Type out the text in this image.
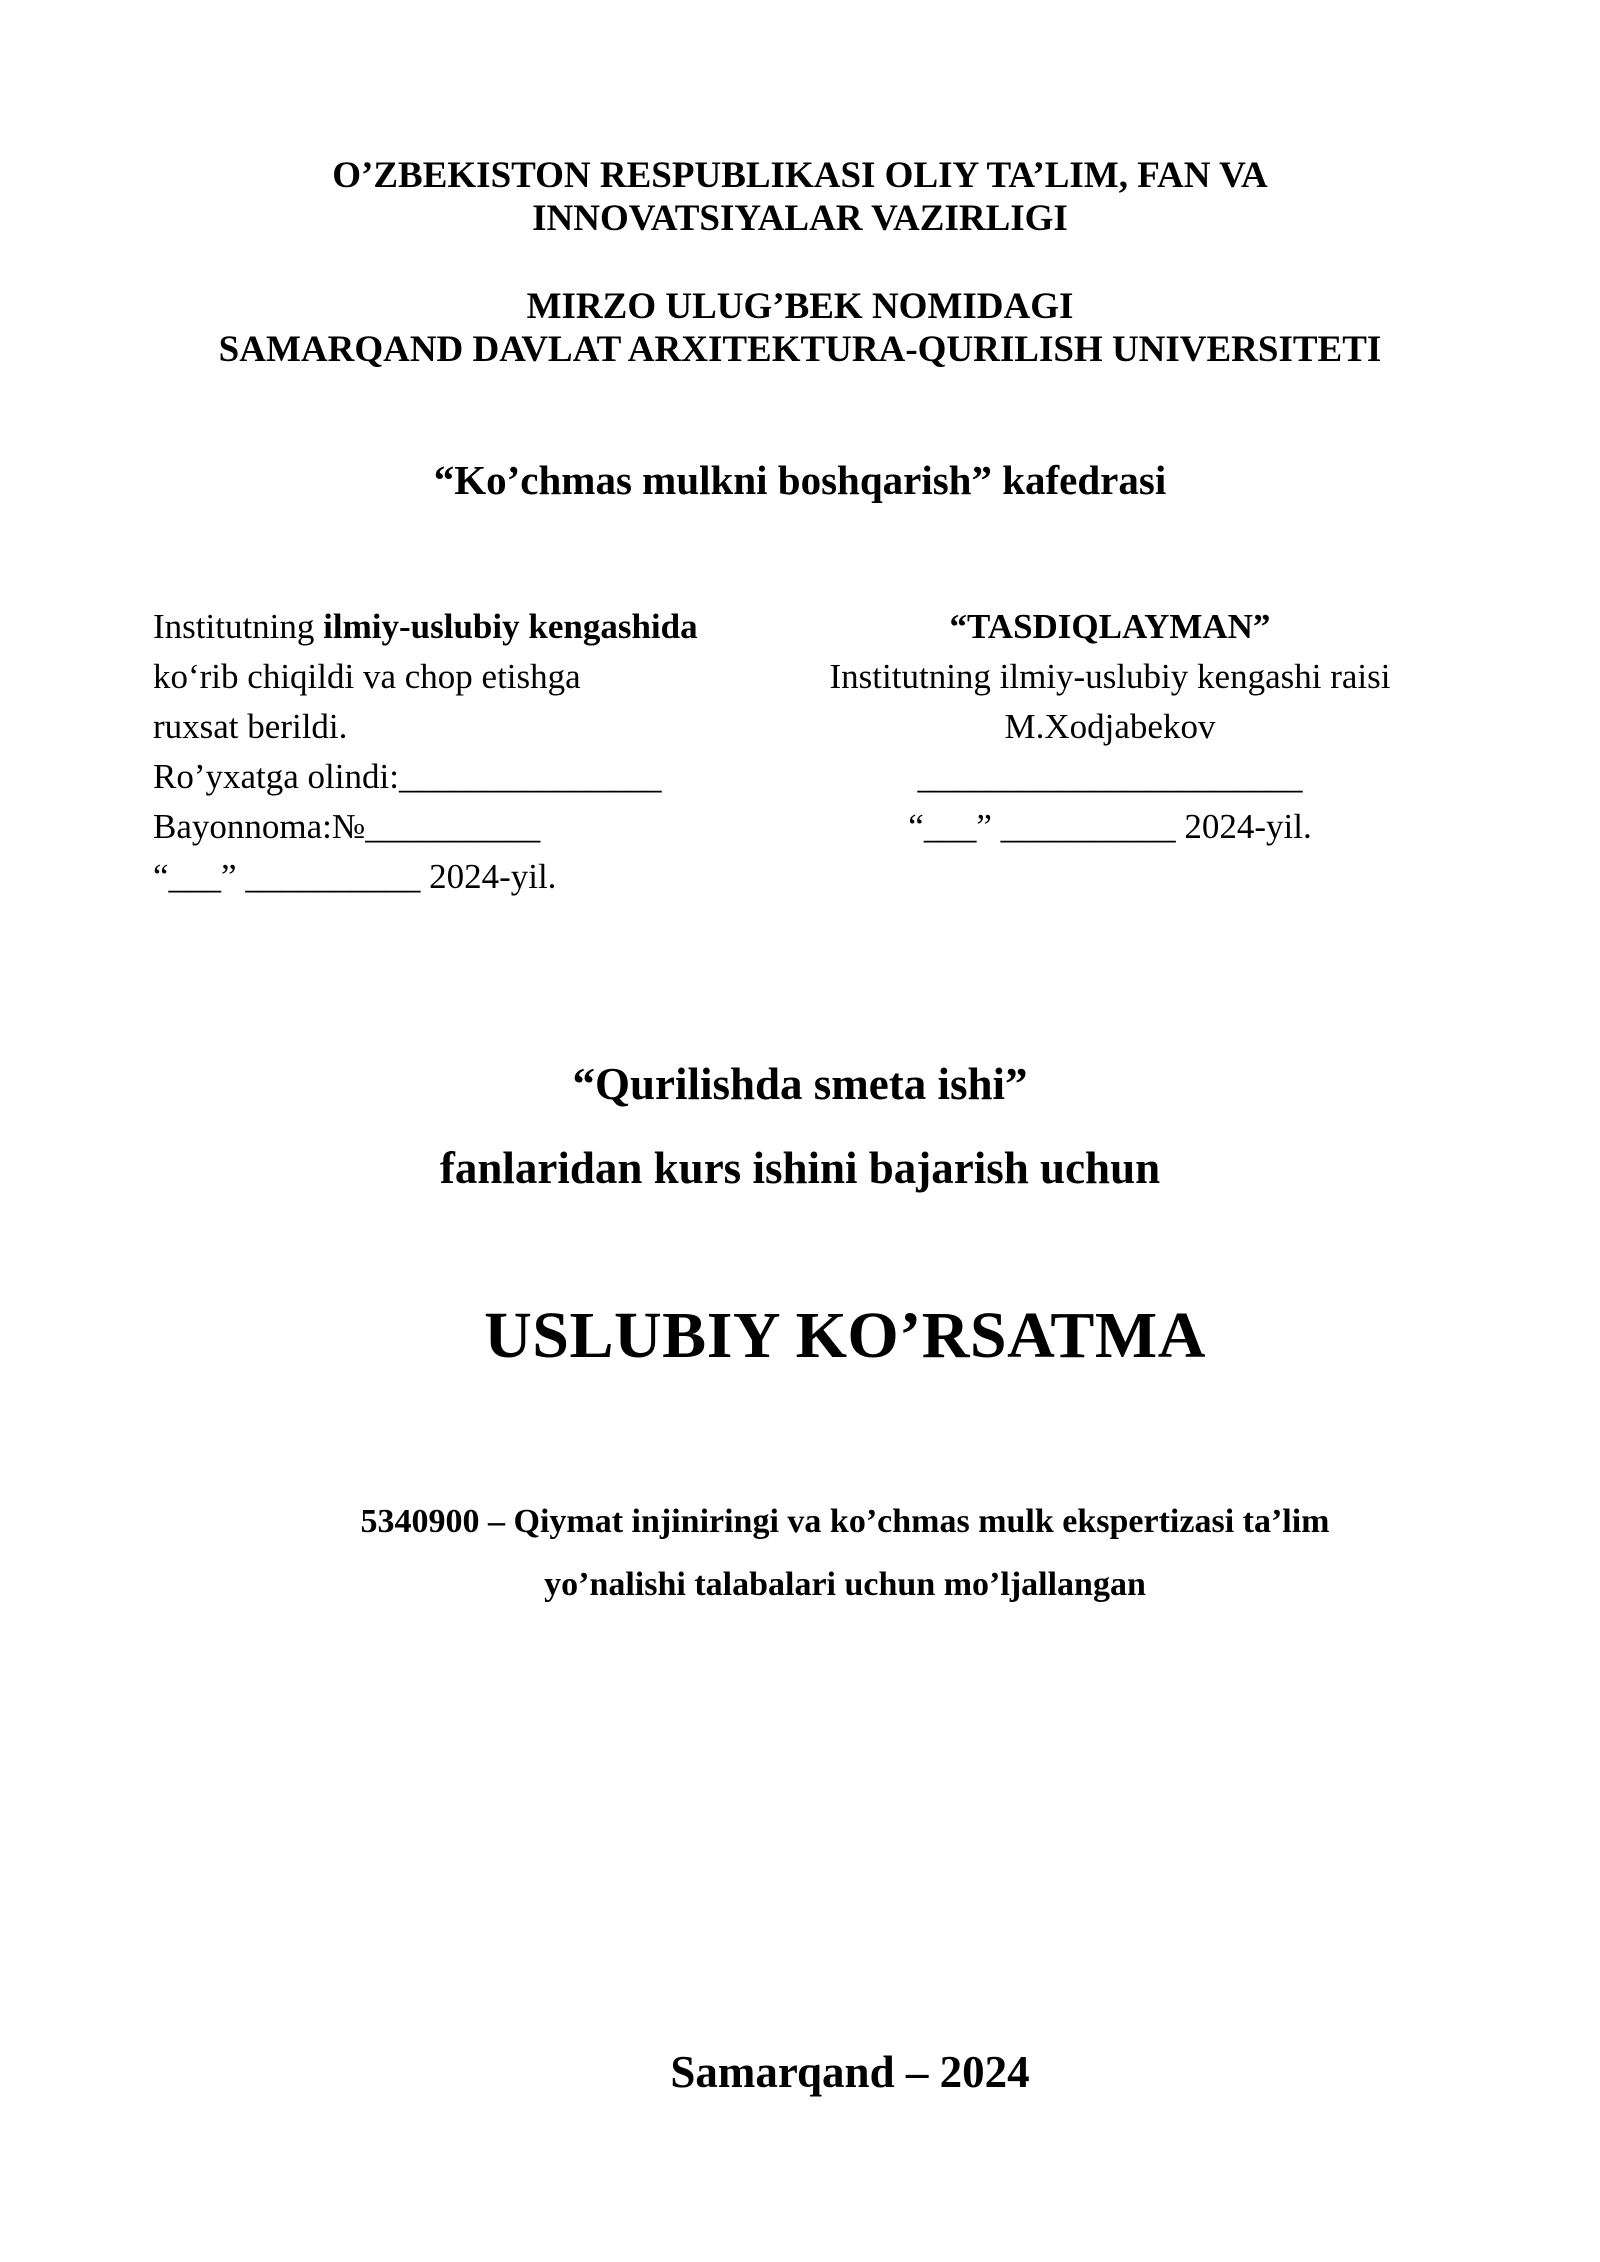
O’ZBEKISTON RESPUBLIKASI OLIY TA’LIM, FAN VA
INNOVATSIYALAR VAZIRLIGI
MIRZO ULUG’BEK NOMIDAGI
SAMARQAND DAVLAT ARXITEKTURA-QURILISH UNIVERSITETI
“Ko’chmas mulkni boshqarish” kafedrasi
Institutning ilmiy-uslubiy kengashida
ko‘rib chiqildi va chop etishga
ruxsat berildi.
Ro’yxatga olindi:_______________
Bayonnoma:№__________
“___” __________ 2024-yil.
“TASDIQLAYMAN”
Institutning ilmiy-uslubiy kengashi raisi
M.Xodjabekov
______________________
“___” __________ 2024-yil.
“Qurilishda smeta ishi”
fanlaridan kurs ishini bajarish uchun
USLUBIY KO’RSATMA
5340900 – Qiymat injiniringi va ko’chmas mulk ekspertizasi ta’lim
yo’nalishi talabalari uchun mo’ljallangan
Samarqand – 2024
